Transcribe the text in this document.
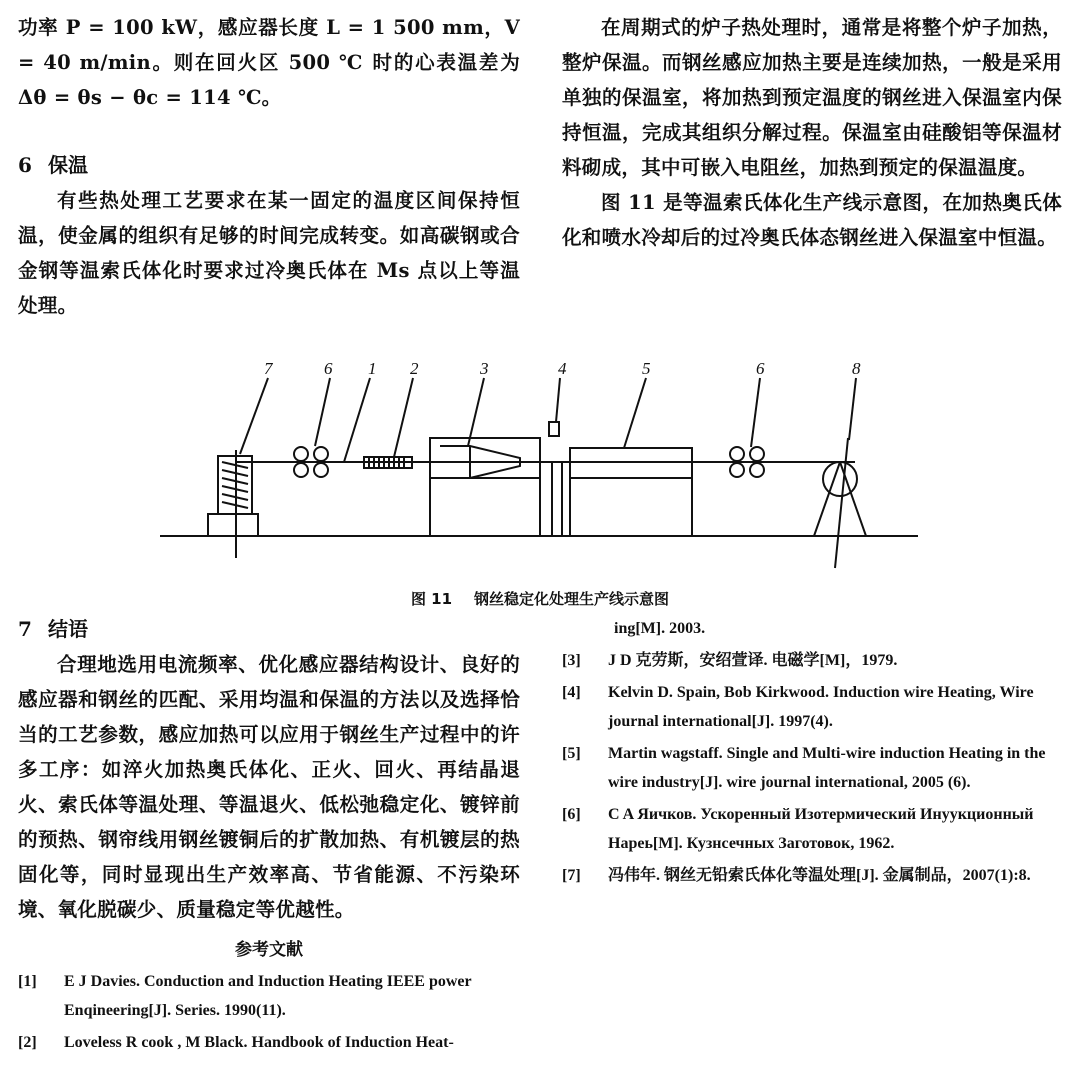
功率 P = 100 kW，感应器长度 L = 1 500 mm，V = 40 m/min。则在回火区 500 ℃ 时的心表温差为 Δθ = θs − θc = 114 ℃。

6 保温

有些热处理工艺要求在某一固定的温度区间保持恒温，使金属的组织有足够的时间完成转变。如高碳钢或合金钢等温索氏体化时要求过冷奥氏体在 Ms 点以上等温处理。

在周期式的炉子热处理时，通常是将整个炉子加热，整炉保温。而钢丝感应加热主要是连续加热，一般是采用单独的保温室，将加热到预定温度的钢丝进入保温室内保持恒温，完成其组织分解过程。保温室由硅酸铝等保温材料砌成，其中可嵌入电阻丝，加热到预定的保温温度。

图 11 是等温索氏体化生产线示意图，在加热奥氏体化和喷水冷却后的过冷奥氏体态钢丝进入保温室中恒温。

7	6 1 2	3	4	5	6	8
图 11 钢丝稳定化处理生产线示意图

7 结语

合理地选用电流频率、优化感应器结构设计、良好的感应器和钢丝的匹配、采用均温和保温的方法以及选择恰当的工艺参数，感应加热可以应用于钢丝生产过程中的许多工序：如淬火加热奥氏体化、正火、回火、再结晶退火、索氏体等温处理、等温退火、低松弛稳定化、镀锌前的预热、钢帘线用钢丝镀铜后的扩散加热、有机镀层的热固化等，同时显现出生产效率高、节省能源、不污染环境、氧化脱碳少、质量稳定等优越性。

参考文献

[1]	E J Davies. Conduction and Induction Heating IEEE power Enqineering[J]. Series. 1990(11).
[2]	Loveless R cook , M Black. Handbook of Induction Heat-
ing[M]. 2003.
[3]	J D 克劳斯，安绍萱译. 电磁学[M]，1979.
[4]	Kelvin D. Spain, Bob Kirkwood. Induction wire Heating, Wire journal international[J]. 1997(4).
[5]	Martin wagstaff. Single and Multi-wire induction Heating in the wire industry[J]. wire journal international, 2005 (6).
[6]	C A Яичков. Ускоренный Изотермический Инуукционный Нарeь[M]. Кузнсечных Заготовок, 1962.
[7]	冯伟年. 钢丝无铅索氏体化等温处理[J]. 金属制品，2007(1):8.
